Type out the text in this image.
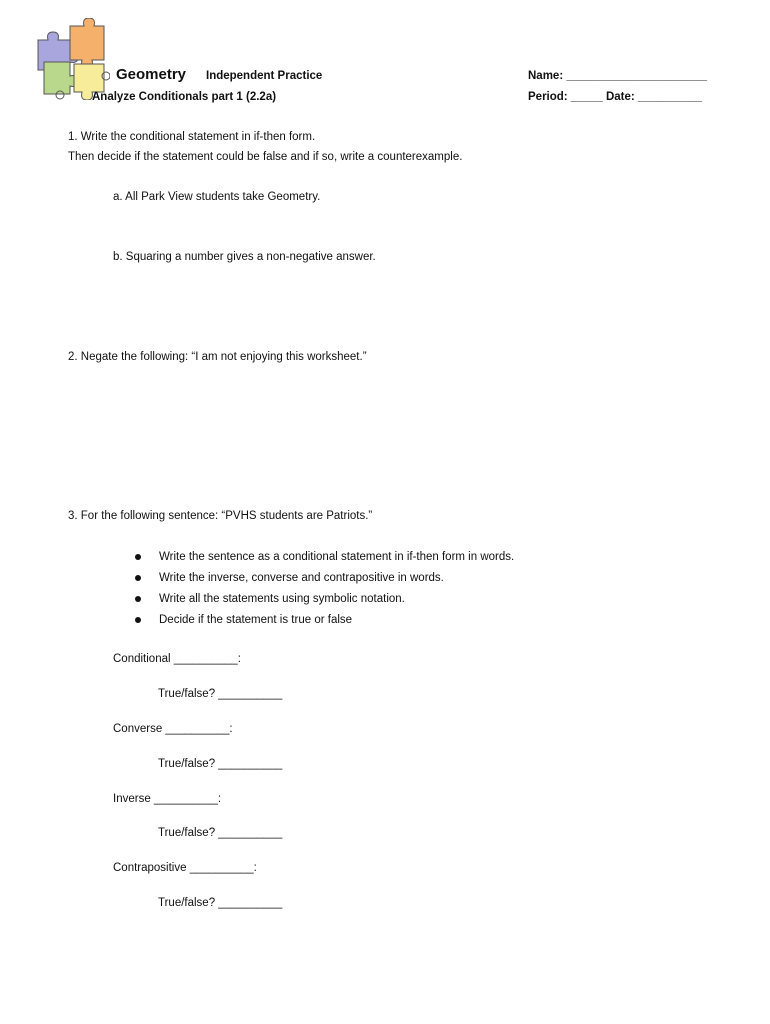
Geometry Independent Practice
Analyze Conditionals part 1 (2.2a)
Name: ______________________
Period: _____ Date: __________
1. Write the conditional statement in if-then form.
Then decide if the statement could be false and if so, write a counterexample.
a. All Park View students take Geometry.
b. Squaring a number gives a non-negative answer.
2. Negate the following: “I am not enjoying this worksheet.”
3. For the following sentence: “PVHS students are Patriots.”
Write the sentence as a conditional statement in if-then form in words.
Write the inverse, converse and contrapositive in words.
Write all the statements using symbolic notation.
Decide if the statement is true or false
Conditional __________:
True/false? __________
Converse __________:
True/false? __________
Inverse __________:
True/false? __________
Contrapositive __________:
True/false? __________
